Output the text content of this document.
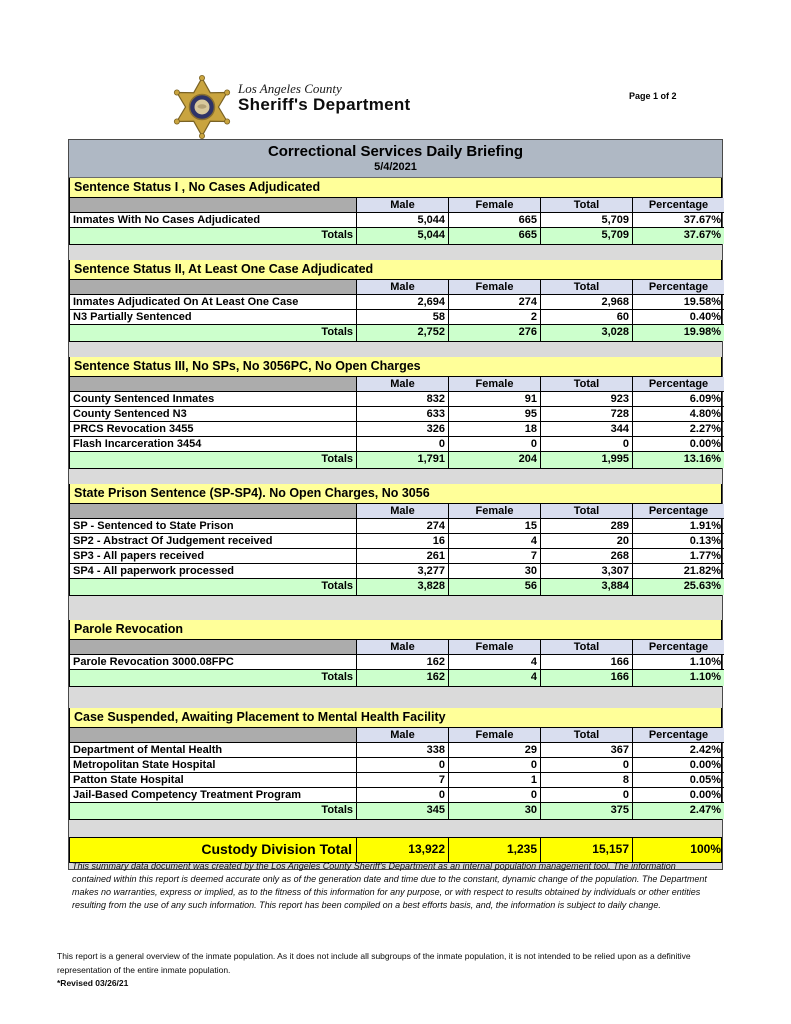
Los Angeles County
Sheriff's Department	Page 1 of 2
Correctional Services Daily Briefing
5/4/2021
Sentence Status I , No Cases Adjudicated
Male	Female	Total	Percentage
Inmates With No Cases Adjudicated	5,044	665	5,709	37.67%
Totals	5,044	665	5,709	37.67%
Sentence Status II, At Least One Case Adjudicated
Male	Female	Total	Percentage
Inmates Adjudicated On At Least One Case	2,694	274	2,968	19.58%
N3 Partially Sentenced	58	2	60	0.40%
Totals	2,752	276	3,028	19.98%
Sentence Status III, No SPs, No 3056PC, No Open Charges
Male	Female	Total	Percentage
County Sentenced Inmates	832	91	923	6.09%
County Sentenced N3	633	95	728	4.80%
PRCS Revocation 3455	326	18	344	2.27%
Flash Incarceration 3454	0	0	0	0.00%
Totals	1,791	204	1,995	13.16%
State Prison Sentence (SP-SP4). No Open Charges, No 3056
Male	Female	Total	Percentage
SP - Sentenced to State Prison	274	15	289	1.91%
SP2 - Abstract Of Judgement received	16	4	20	0.13%
SP3 - All papers received	261	7	268	1.77%
SP4 - All paperwork processed	3,277	30	3,307	21.82%
Totals	3,828	56	3,884	25.63%
Parole Revocation
Male	Female	Total	Percentage
Parole Revocation 3000.08FPC	162	4	166	1.10%
Totals	162	4	166	1.10%
Case Suspended, Awaiting Placement to Mental Health Facility
Male	Female	Total	Percentage
Department of Mental Health	338	29	367	2.42%
Metropolitan State Hospital	0	0	0	0.00%
Patton State Hospital	7	1	8	0.05%
Jail-Based Competency Treatment Program	0	0	0	0.00%
Totals	345	30	375	2.47%
Custody Division Total	13,922	1,235	15,157	100%
This summary data document was created by the Los Angeles County Sheriff's Department as an internal population management tool. The information contained within this report is deemed accurate only as of the generation date and time due to the constant, dynamic change of the population. The Department makes no warranties, express or implied, as to the fitness of this information for any purpose, or with respect to results obtained by individuals or other entities resulting from the use of any such information. This report has been compiled on a best efforts basis, and, the information is subject to daily change.
This report is a general overview of the inmate population. As it does not include all subgroups of the inmate population, it is not intended to be relied upon as a definitive representation of the entire inmate population.
*Revised 03/26/21
